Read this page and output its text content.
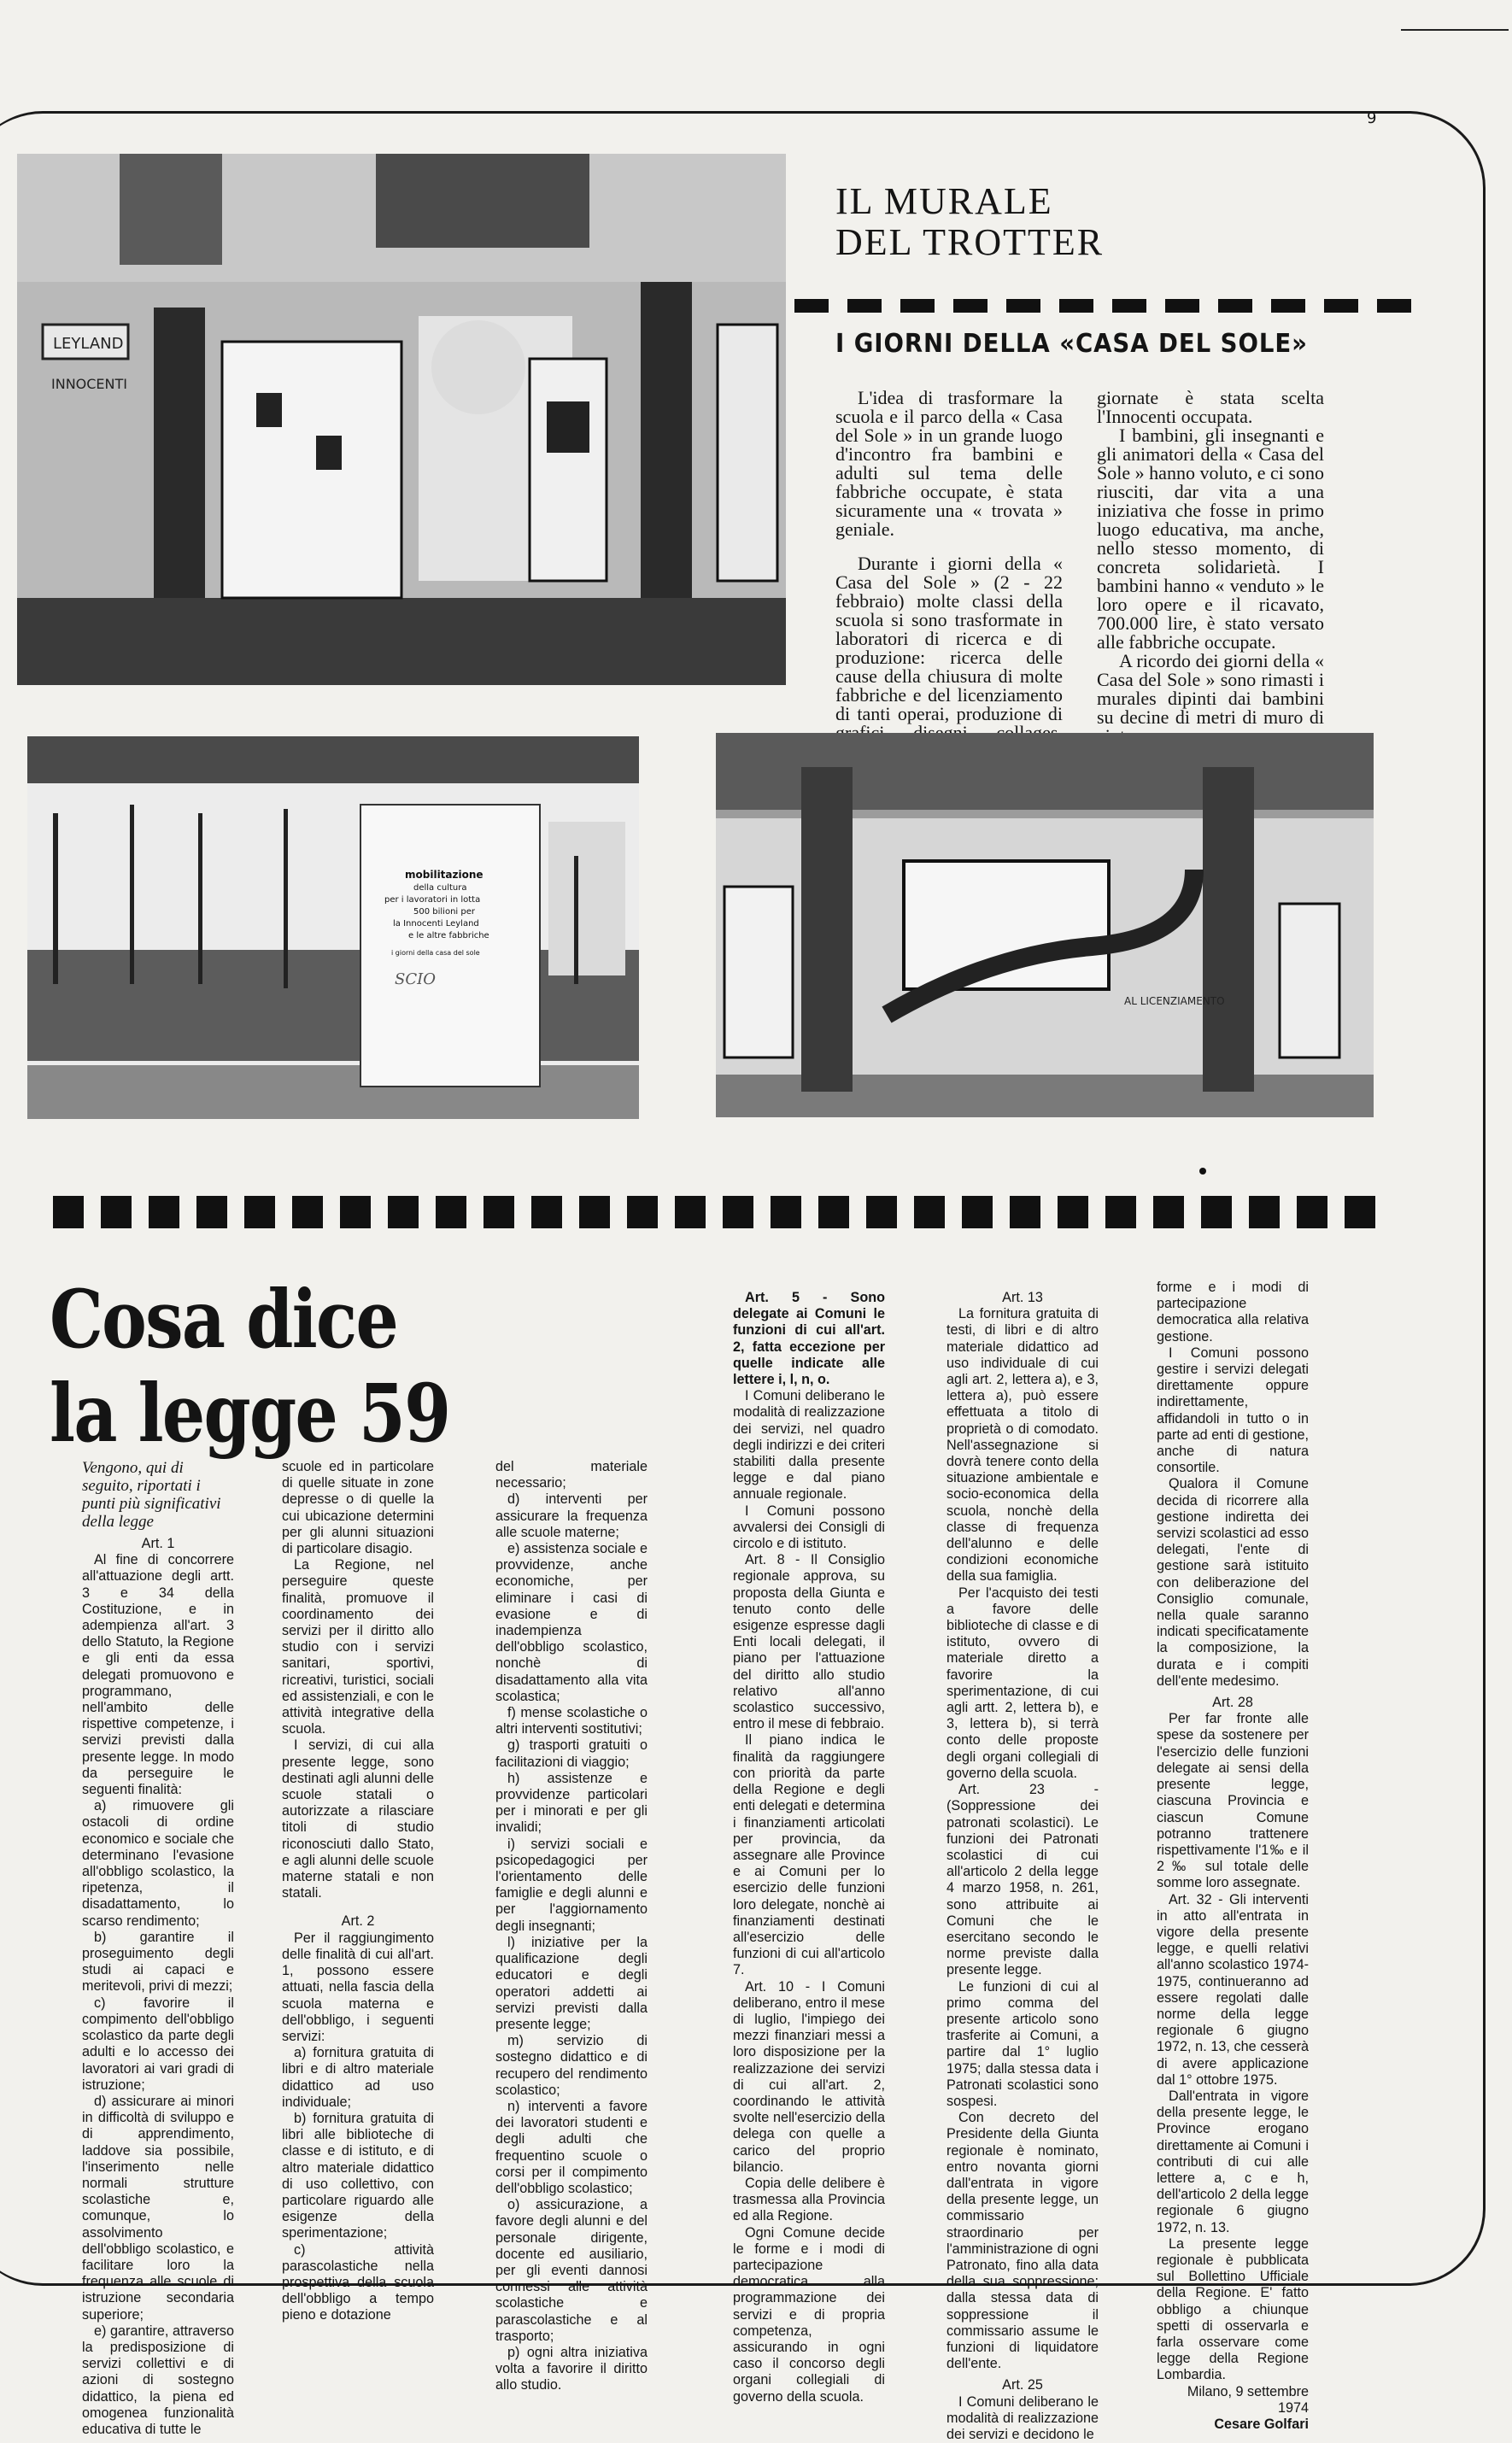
9
LEYLAND
INNOCENTI
IL MURALE
DEL TROTTER
I GIORNI DELLA «CASA DEL SOLE»

L'idea di trasformare la scuola e il parco della « Casa del Sole » in un grande luogo d'incontro fra bambini e adulti sul tema delle fabbriche occupate, è stata sicuramente una « trovata » geniale.

Durante i giorni della « Casa del Sole » (2 - 22 febbraio) molte classi della scuola si sono trasformate in laboratori di ricerca e di produzione: ricerca delle cause della chiusura di molte fabbriche e del licenziamento di tanti operai, produzione di

giornate è stata scelta l'Innocenti occupata.

I bambini, gli insegnanti e gli animatori della « Casa del Sole » hanno voluto, e ci sono riusciti, dar vita a una iniziativa che fosse in primo luogo educativa, ma anche, nello stesso momento, di concreta solidarietà. I bambini hanno « venduto » le loro opere e il ricavato, 700.000 lire, è stato versato alle fabbriche occupate.

A ricordo dei giorni della « Casa del Sole » sono rimasti i murales dipinti dai bambini su decine di metri di muro di

mobilitazione
della cultura
per i lavoratori in lotta
500 bilioni per
la Innocenti Leyland
e le altre fabbriche
i giorni della casa del sole
SCIO
AL LICENZIAMENTO
Cosa dice
la legge 59

Vengono, qui di seguito, riportati i punti più significativi della legge

Art. 1

Al fine di concorrere all'attuazione degli artt. 3 e 34 della Costituzione, e in adempienza all'art. 3 dello Statuto, la Regione e gli enti da essa delegati promuovono e programmano, nell'ambito delle rispettive competenze, i servizi previsti dalla presente legge. In modo da perseguire le seguenti finalità:

a) rimuovere gli ostacoli di ordine economico e sociale che determinano l'evasione all'obbligo scolastico, la ripetenza, il disadattamento, lo scarso rendimento;

b) garantire il proseguimento degli studi ai capaci e meritevoli, privi di mezzi;

c) favorire il compimento dell'obbligo scolastico da parte degli adulti e lo accesso dei lavoratori ai vari gradi di istruzione;

d) assicurare ai minori in difficoltà di sviluppo e di apprendimento, laddove sia possibile, l'inserimento nelle normali strutture scolastiche e, comunque, lo assolvimento dell'obbligo scolastico, e facilitare loro la frequenza alle scuole di istruzione secondaria superiore;

e) garantire, attraverso la predisposizione di servizi collettivi e di azioni di sostegno didattico, la piena ed omogenea funzionalità educativa di tutte le

scuole ed in particolare di quelle situate in zone depresse o di quelle la cui ubicazione determini per gli alunni situazioni di particolare disagio.

La Regione, nel perseguire queste finalità, promuove il coordinamento dei servizi per il diritto allo studio con i servizi sanitari, sportivi, ricreativi, turistici, sociali ed assistenziali, e con le attività integrative della scuola.

I servizi, di cui alla presente legge, sono destinati agli alunni delle scuole statali o autorizzate a rilasciare titoli di studio riconosciuti dallo Stato, e agli alunni delle scuole materne statali e non statali.

Art. 2

Per il raggiungimento delle finalità di cui all'art. 1, possono essere attuati, nella fascia della scuola materna e dell'obbligo, i seguenti servizi:

a) fornitura gratuita di libri e di altro materiale didattico ad uso individuale;

b) fornitura gratuita di libri alle biblioteche di classe e di istituto, e di altro materiale didattico di uso collettivo, con particolare riguardo alle esigenze della sperimentazione;

c) attività parascolastiche nella prospettiva della scuola dell'obbligo a tempo pieno e dotazione

del materiale necessario;

d) interventi per assicurare la frequenza alle scuole materne;

e) assistenza sociale e provvidenze, anche economiche, per eliminare i casi di evasione e di inadempienza dell'obbligo scolastico, nonchè di disadattamento alla vita scolastica;

f) mense scolastiche o altri interventi sostitutivi;

g) trasporti gratuiti o facilitazioni di viaggio;

h) assistenze e provvidenze particolari per i minorati e per gli invalidi;

i) servizi sociali e psicopedagogici per l'orientamento delle famiglie e degli alunni e per l'aggiornamento degli insegnanti;

l) iniziative per la qualificazione degli educatori e degli operatori addetti ai servizi previsti dalla presente legge;

m) servizio di sostegno didattico e di recupero del rendimento scolastico;

n) interventi a favore dei lavoratori studenti e degli adulti che frequentino scuole o corsi per il compimento dell'obbligo scolastico;

o) assicurazione, a favore degli alunni e del personale dirigente, docente ed ausiliario, per gli eventi dannosi connessi alle attività scolastiche e parascolastiche e al trasporto;

p) ogni altra iniziativa volta a favorire il diritto allo studio.

Art. 5 - Sono delegate ai Comuni le funzioni di cui all'art. 2, fatta eccezione per quelle indicate alle lettere i, l, n, o.

I Comuni deliberano le modalità di realizzazione dei servizi, nel quadro degli indirizzi e dei criteri stabiliti dalla presente legge e dal piano annuale regionale.

I Comuni possono avvalersi dei Consigli di circolo e di istituto.

Art. 8 - Il Consiglio regionale approva, su proposta della Giunta e tenuto conto delle esigenze espresse dagli Enti locali delegati, il piano per l'attuazione del diritto allo studio relativo all'anno scolastico successivo, entro il mese di febbraio.

Il piano indica le finalità da raggiungere con priorità da parte della Regione e degli enti delegati e determina i finanziamenti articolati per provincia, da assegnare alle Province e ai Comuni per lo esercizio delle funzioni loro delegate, nonchè ai finanziamenti destinati all'esercizio delle funzioni di cui all'articolo 7.

Art. 10 - I Comuni deliberano, entro il mese di luglio, l'impiego dei mezzi finanziari messi a loro disposizione per la realizzazione dei servizi di cui all'art. 2, coordinando le attività svolte nell'esercizio della delega con quelle a carico del proprio bilancio.

Copia delle delibere è trasmessa alla Provincia ed alla Regione.

Ogni Comune decide le forme e i modi di partecipazione democratica alla programmazione dei servizi e di propria competenza, assicurando in ogni caso il concorso degli organi collegiali di governo della scuola.

Art. 13

La fornitura gratuita di testi, di libri e di altro materiale didattico ad uso individuale di cui agli art. 2, lettera a), e 3, lettera a), può essere effettuata a titolo di proprietà o di comodato. Nell'assegnazione si dovrà tenere conto della situazione ambientale e socio-economica della scuola, nonchè della classe di frequenza dell'alunno e delle condizioni economiche della sua famiglia.

Per l'acquisto dei testi a favore delle biblioteche di classe e di istituto, ovvero di materiale diretto a favorire la sperimentazione, di cui agli artt. 2, lettera b), e 3, lettera b), si terrà conto delle proposte degli organi collegiali di governo della scuola.

Art. 23 - (Soppressione dei patronati scolastici). Le funzioni dei Patronati scolastici di cui all'articolo 2 della legge 4 marzo 1958, n. 261, sono attribuite ai Comuni che le esercitano secondo le norme previste dalla presente legge.

Le funzioni di cui al primo comma del presente articolo sono trasferite ai Comuni, a partire dal 1° luglio 1975; dalla stessa data i Patronati scolastici sono sospesi.

Con decreto del Presidente della Giunta regionale è nominato, entro novanta giorni dall'entrata in vigore della presente legge, un commissario straordinario per l'amministrazione di ogni Patronato, fino alla data della sua soppressione; dalla stessa data di soppressione il commissario assume le funzioni di liquidatore dell'ente.

Art. 25

I Comuni deliberano le modalità di realizzazione dei servizi e decidono le

forme e i modi di partecipazione democratica alla relativa gestione.

I Comuni possono gestire i servizi delegati direttamente oppure indirettamente, affidandoli in tutto o in parte ad enti di gestione, anche di natura consortile.

Qualora il Comune decida di ricorrere alla gestione indiretta dei servizi scolastici ad esso delegati, l'ente di gestione sarà istituito con deliberazione del Consiglio comunale, nella quale saranno indicati specificatamente la composizione, la durata e i compiti dell'ente medesimo.

Art. 28

Per far fronte alle spese da sostenere per l'esercizio delle funzioni delegate ai sensi della presente legge, ciascuna Provincia e ciascun Comune potranno trattenere rispettivamente l'1‰ e il 2‰ sul totale delle somme loro assegnate.

Art. 32 - Gli interventi in atto all'entrata in vigore della presente legge, e quelli relativi all'anno scolastico 1974-1975, continueranno ad essere regolati dalle norme della legge regionale 6 giugno 1972, n. 13, che cesserà di avere applicazione dal 1° ottobre 1975.

Dall'entrata in vigore della presente legge, le Province erogano direttamente ai Comuni i contributi di cui alle lettere a, c e h, dell'articolo 2 della legge regionale 6 giugno 1972, n. 13.

La presente legge regionale è pubblicata sul Bollettino Ufficiale della Regione. E' fatto obbligo a chiunque spetti di osservarla e farla osservare come legge della Regione Lombardia.

Milano, 9 settembre 1974

Cesare Golfari
